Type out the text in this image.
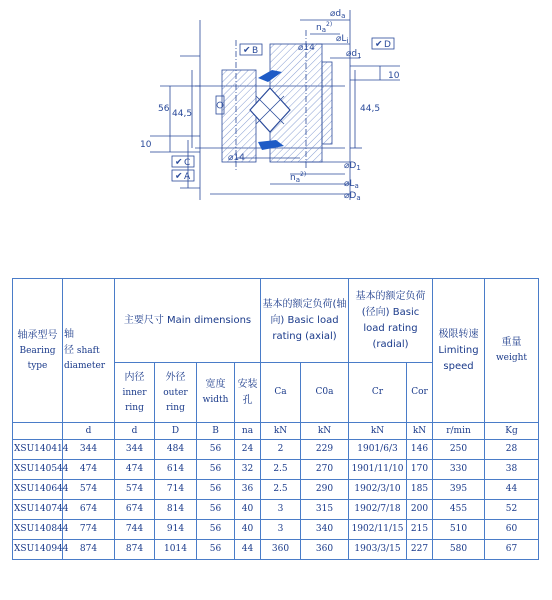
✔
✔
✔
✔
$⌀d_a$
$n_a^{2)}$
$⌀L_i$
⌀14
$⌀d_1$
B
D
C
A
10
56 44,5	44,5
10
⌀14
$⌀D_1$
$n_a^{2)}$
$⌀L_a$
$⌀D_a$
轴承型号
Bearing type	轴
径 shaft diameter	主要尺寸 Main dimensions				基本的额定负荷(轴向) Basic load rating (axial)		基本的额定负荷(径向) Basic load rating (radial)		极限转速Limiting speed	重量
weight
		内径
inner ring	外径
outer ring	宽度
width	安装孔	Ca	C0a	Cr	Cor		
	d	d	D	B	na	kN	kN	kN	kN	r/min	Kg
XSU140414	344	344	484	56	24	2	229	1901/6/3	146	250	28
XSU140544	474	474	614	56	32	2.5	270	1901/11/10	170	330	38
XSU140644	574	574	714	56	36	2.5	290	1902/3/10	185	395	44
XSU140744	674	674	814	56	40	3	315	1902/7/18	200	455	52
XSU140844	774	744	914	56	40	3	340	1902/11/15	215	510	60
XSU140944	874	874	1014	56	44	360	360	1903/3/15	227	580	67
